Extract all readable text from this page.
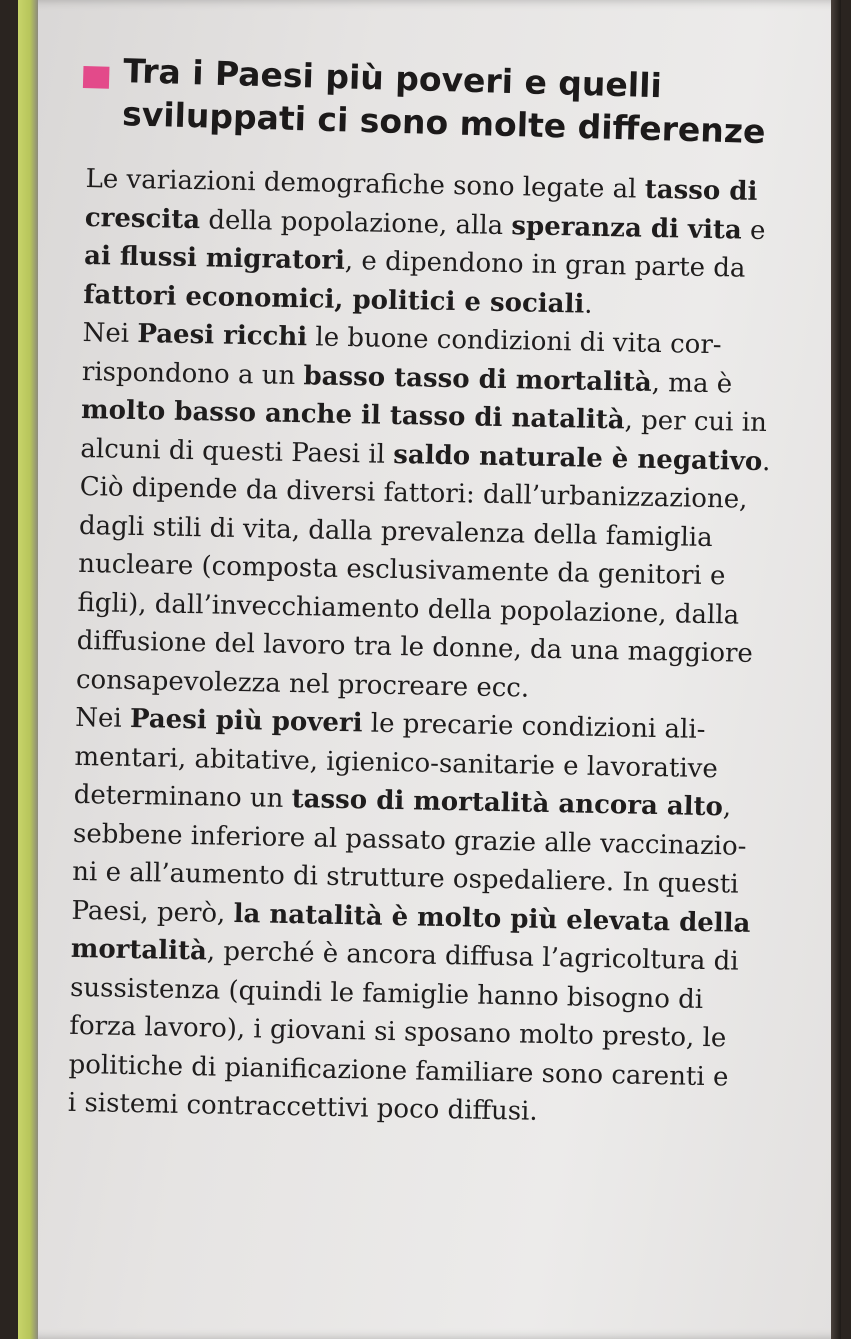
Tra i Paesi più poveri e quelli
sviluppati ci sono molte differenze
Le variazioni demografiche sono legate al tasso di
crescita della popolazione, alla speranza di vita e
ai flussi migratori, e dipendono in gran parte da
fattori economici, politici e sociali.
Nei Paesi ricchi le buone condizioni di vita cor-
rispondono a un basso tasso di mortalità, ma è
molto basso anche il tasso di natalità, per cui in
alcuni di questi Paesi il saldo naturale è negativo.
Ciò dipende da diversi fattori: dall’urbanizzazione,
dagli stili di vita, dalla prevalenza della famiglia
nucleare (composta esclusivamente da genitori e
figli), dall’invecchiamento della popolazione, dalla
diffusione del lavoro tra le donne, da una maggiore
consapevolezza nel procreare ecc.
Nei Paesi più poveri le precarie condizioni ali-
mentari, abitative, igienico-sanitarie e lavorative
determinano un tasso di mortalità ancora alto,
sebbene inferiore al passato grazie alle vaccinazio-
ni e all’aumento di strutture ospedaliere. In questi
Paesi, però, la natalità è molto più elevata della
mortalità, perché è ancora diffusa l’agricoltura di
sussistenza (quindi le famiglie hanno bisogno di
forza lavoro), i giovani si sposano molto presto, le
politiche di pianificazione familiare sono carenti e
i sistemi contraccettivi poco diffusi.
